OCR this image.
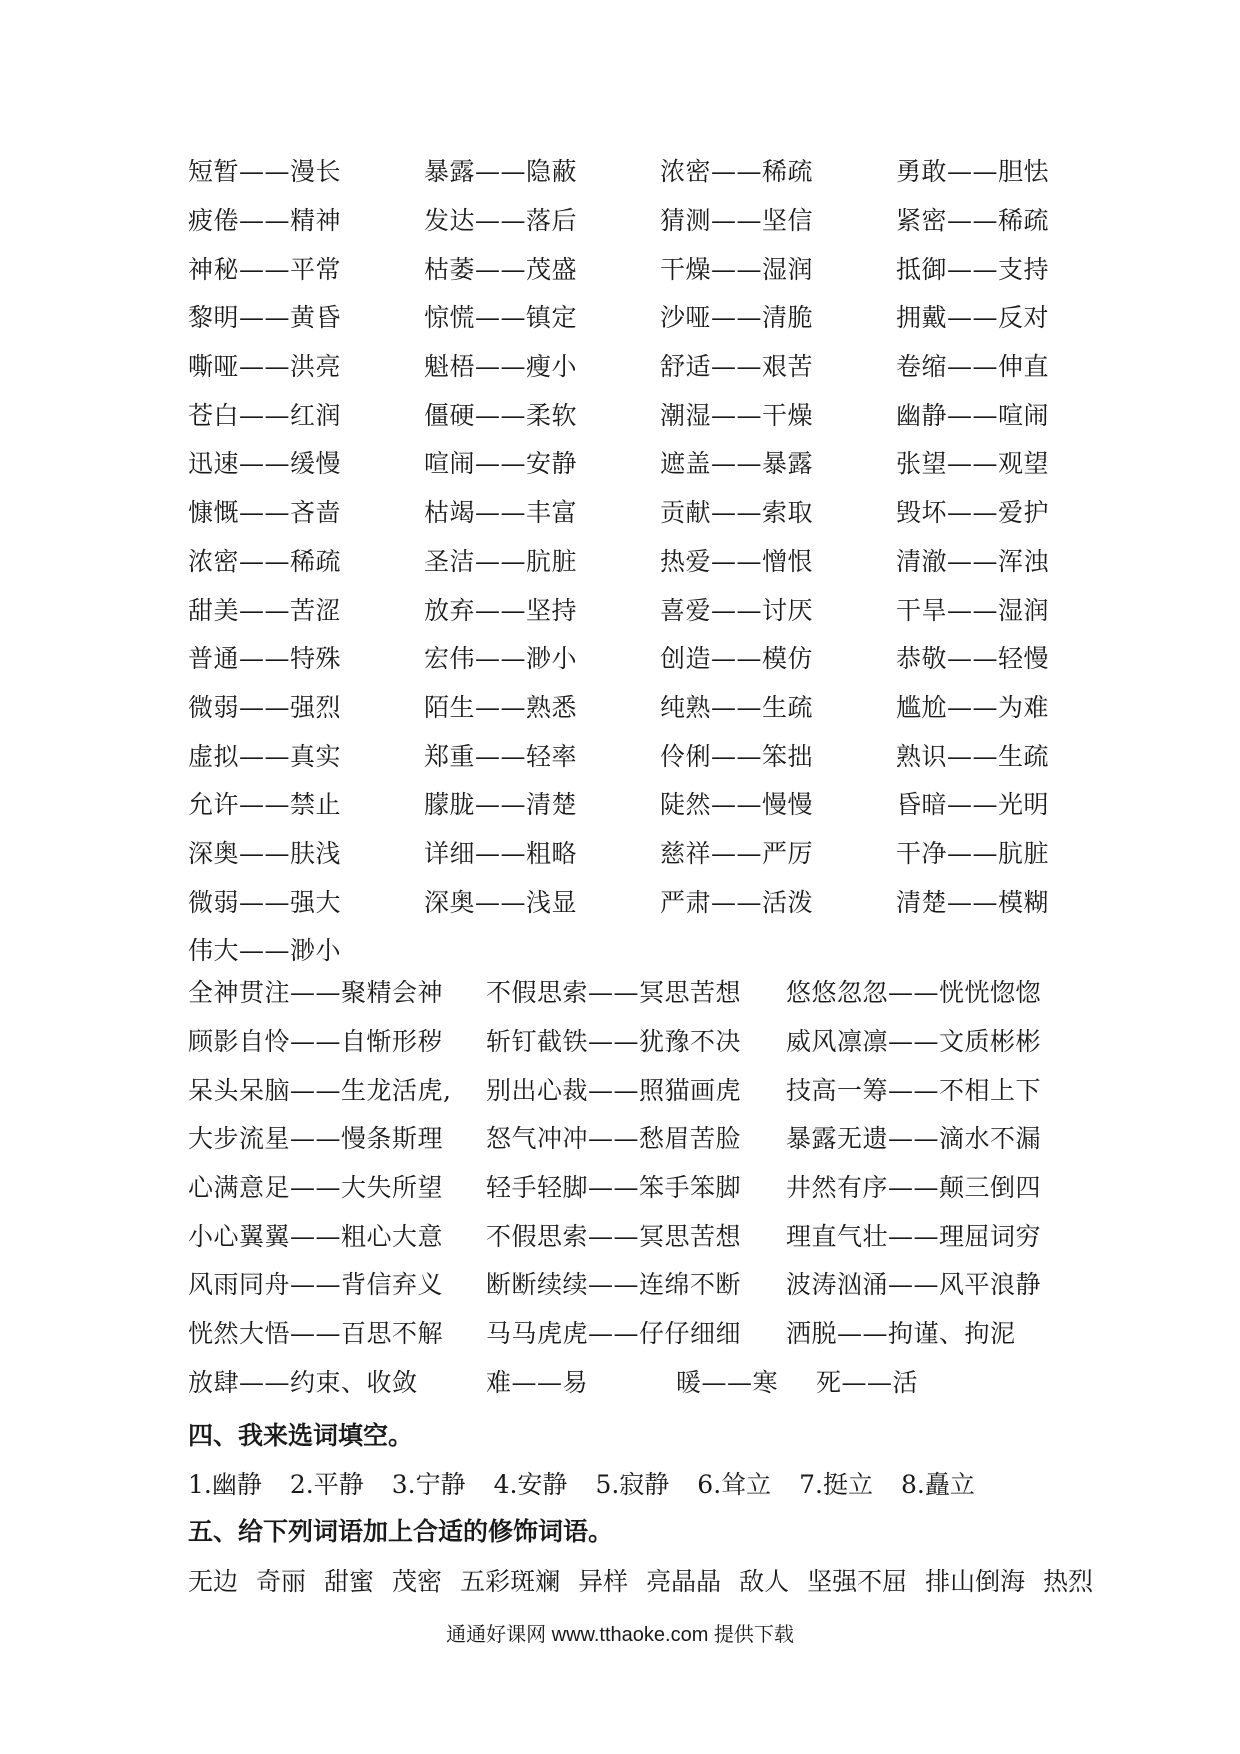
短暂——漫长	暴露——隐蔽	浓密——稀疏	勇敢——胆怯
疲倦——精神	发达——落后	猜测——坚信	紧密——稀疏
神秘——平常	枯萎——茂盛	干燥——湿润	抵御——支持
黎明——黄昏	惊慌——镇定	沙哑——清脆	拥戴——反对
嘶哑——洪亮	魁梧——瘦小	舒适——艰苦	卷缩——伸直
苍白——红润	僵硬——柔软	潮湿——干燥	幽静——喧闹
迅速——缓慢	喧闹——安静	遮盖——暴露	张望——观望
慷慨——吝啬	枯竭——丰富	贡献——索取	毁坏——爱护
浓密——稀疏	圣洁——肮脏	热爱——憎恨	清澈——浑浊
甜美——苦涩	放弃——坚持	喜爱——讨厌	干旱——湿润
普通——特殊	宏伟——渺小	创造——模仿	恭敬——轻慢
微弱——强烈	陌生——熟悉	纯熟——生疏	尴尬——为难
虚拟——真实	郑重——轻率	伶俐——笨拙	熟识——生疏
允许——禁止	朦胧——清楚	陡然——慢慢	昏暗——光明
深奥——肤浅	详细——粗略	慈祥——严厉	干净——肮脏
微弱——强大	深奥——浅显	严肃——活泼	清楚——模糊
伟大——渺小
全神贯注——聚精会神	不假思索——冥思苦想	悠悠忽忽——恍恍惚惚
顾影自怜——自惭形秽	斩钉截铁——犹豫不决	威风凛凛——文质彬彬
呆头呆脑——生龙活虎,	别出心裁——照猫画虎	技高一筹——不相上下
大步流星——慢条斯理	怒气冲冲——愁眉苦脸	暴露无遗——滴水不漏
心满意足——大失所望	轻手轻脚——笨手笨脚	井然有序——颠三倒四
小心翼翼——粗心大意	不假思索——冥思苦想	理直气壮——理屈词穷
风雨同舟——背信弃义	断断续续——连绵不断	波涛汹涌——风平浪静
恍然大悟——百思不解	马马虎虎——仔仔细细	洒脱——拘谨、拘泥
放肆——约束、收敛	难——易	暖——寒	死——活
四、我来选词填空。
1.幽静 2.平静 3.宁静 4.安静 5.寂静 6.耸立 7.挺立 8.矗立
五、给下列词语加上合适的修饰词语。
无边 奇丽 甜蜜 茂密 五彩斑斓 异样 亮晶晶 敌人 坚强不屈 排山倒海 热烈
通通好课网 www.tthaoke.com 提供下载
